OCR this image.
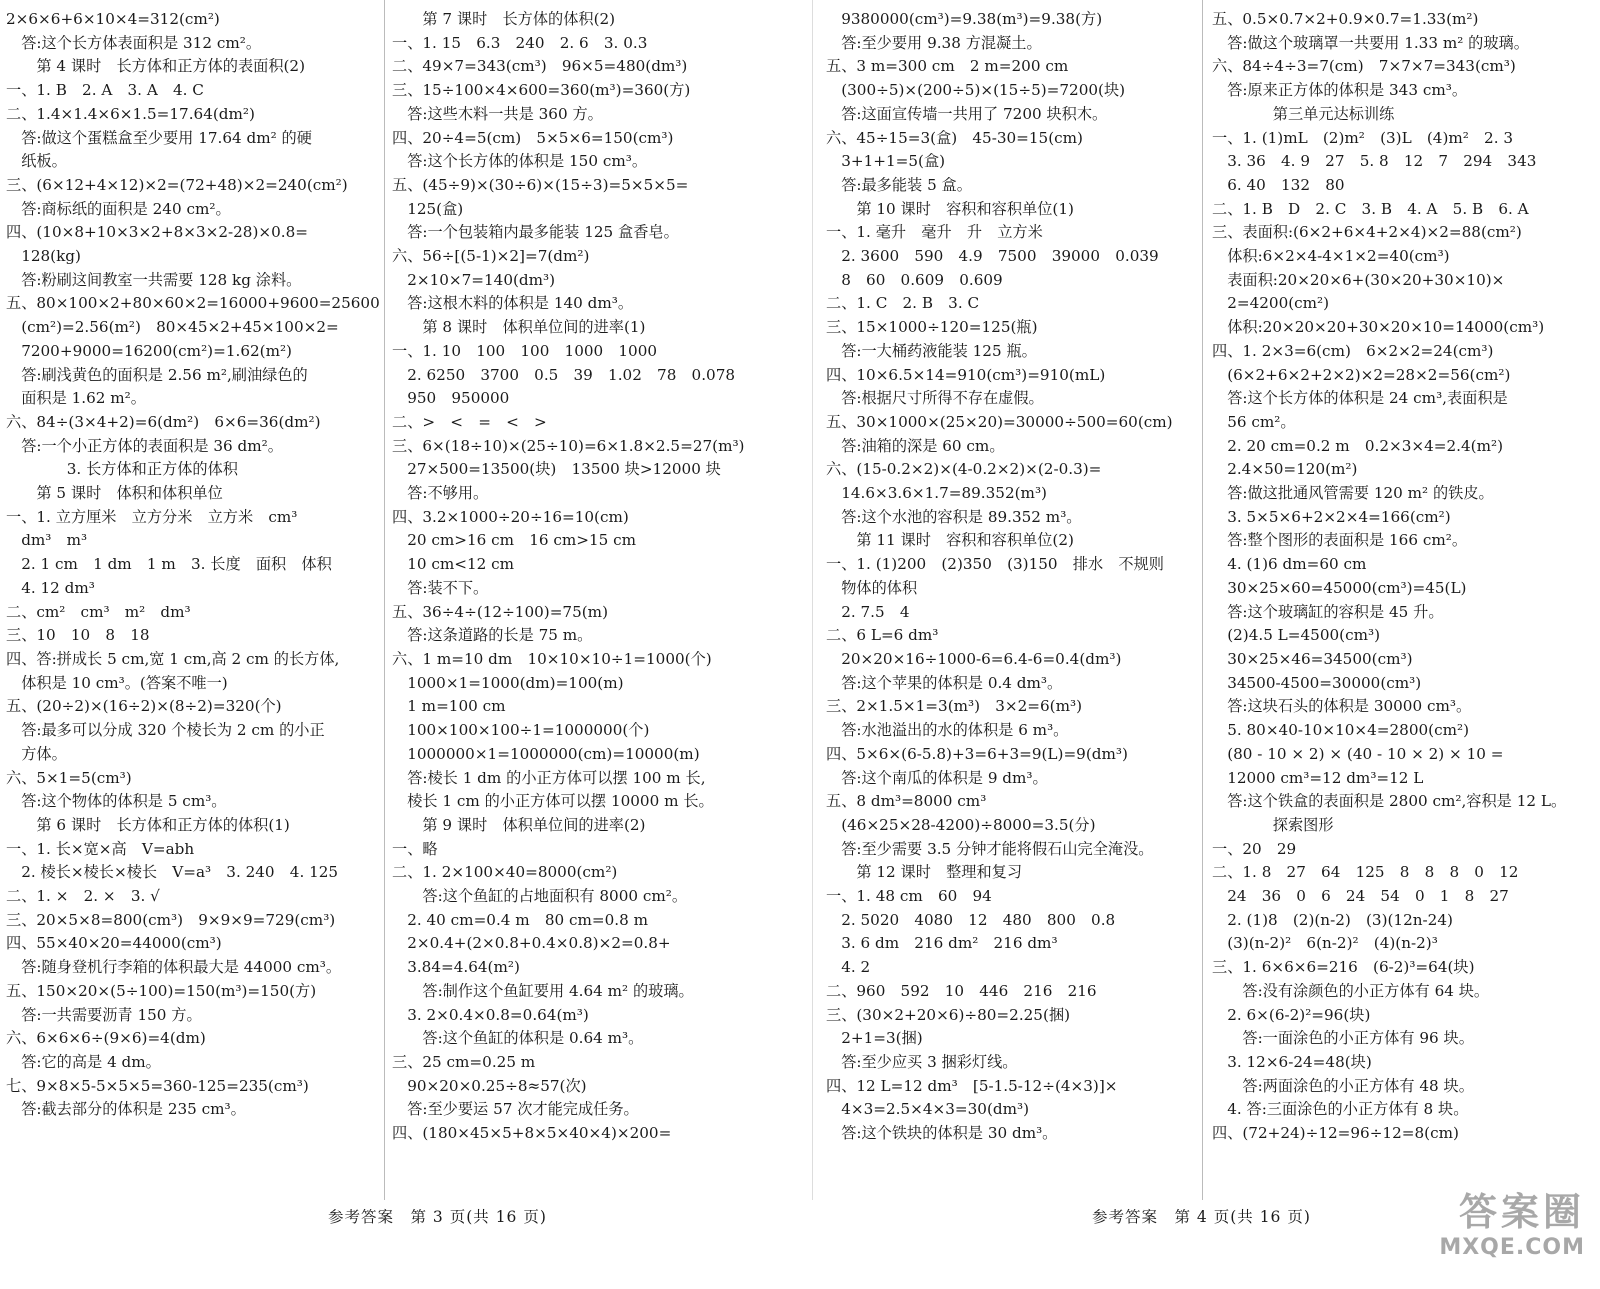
2×6×6+6×10×4=312(cm²)
　答:这个长方体表面积是 312 cm²。
　　第 4 课时　长方体和正方体的表面积(2)
一、1. B　2. A　3. A　4. C
二、1.4×1.4×6×1.5=17.64(dm²)
　答:做这个蛋糕盒至少要用 17.64 dm² 的硬
　纸板。
三、(6×12+4×12)×2=(72+48)×2=240(cm²)
　答:商标纸的面积是 240 cm²。
四、(10×8+10×3×2+8×3×2-28)×0.8=
　128(kg)
　答:粉刷这间教室一共需要 128 kg 涂料。
五、80×100×2+80×60×2=16000+9600=25600
　(cm²)=2.56(m²)　80×45×2+45×100×2=
　7200+9000=16200(cm²)=1.62(m²)
　答:刷浅黄色的面积是 2.56 m²,刷油绿色的
　面积是 1.62 m²。
六、84÷(3×4+2)=6(dm²)　6×6=36(dm²)
　答:一个小正方体的表面积是 36 dm²。
　　　　3. 长方体和正方体的体积
　　第 5 课时　体积和体积单位
一、1. 立方厘米　立方分米　立方米　cm³
　dm³　m³
　2. 1 cm　1 dm　1 m　3. 长度　面积　体积
　4. 12 dm³
二、cm²　cm³　m²　dm³
三、10　10　8　18
四、答:拼成长 5 cm,宽 1 cm,高 2 cm 的长方体,
　体积是 10 cm³。(答案不唯一)
五、(20÷2)×(16÷2)×(8÷2)=320(个)
　答:最多可以分成 320 个棱长为 2 cm 的小正
　方体。
六、5×1=5(cm³)
　答:这个物体的体积是 5 cm³。
　　第 6 课时　长方体和正方体的体积(1)
一、1. 长×宽×高　V=abh
　2. 棱长×棱长×棱长　V=a³　3. 240　4. 125
二、1. ×　2. ×　3. √
三、20×5×8=800(cm³)　9×9×9=729(cm³)
四、55×40×20=44000(cm³)
　答:随身登机行李箱的体积最大是 44000 cm³。
五、150×20×(5÷100)=150(m³)=150(方)
　答:一共需要沥青 150 方。
六、6×6×6÷(9×6)=4(dm)
　答:它的高是 4 dm。
七、9×8×5-5×5×5=360-125=235(cm³)
　答:截去部分的体积是 235 cm³。
　　第 7 课时　长方体的体积(2)
一、1. 15　6.3　240　2. 6　3. 0.3
二、49×7=343(cm³)　96×5=480(dm³)
三、15÷100×4×600=360(m³)=360(方)
　答:这些木料一共是 360 方。
四、20÷4=5(cm)　5×5×6=150(cm³)
　答:这个长方体的体积是 150 cm³。
五、(45÷9)×(30÷6)×(15÷3)=5×5×5=
　125(盒)
　答:一个包装箱内最多能装 125 盒香皂。
六、56÷[(5-1)×2]=7(dm²)
　2×10×7=140(dm³)
　答:这根木料的体积是 140 dm³。
　　第 8 课时　体积单位间的进率(1)
一、1. 10　100　100　1000　1000
　2. 6250　3700　0.5　39　1.02　78　0.078
　950　950000
二、>　<　=　<　>
三、6×(18÷10)×(25÷10)=6×1.8×2.5=27(m³)
　27×500=13500(块)　13500 块>12000 块
　答:不够用。
四、3.2×1000÷20÷16=10(cm)
　20 cm>16 cm　16 cm>15 cm
　10 cm<12 cm
　答:装不下。
五、36÷4÷(12÷100)=75(m)
　答:这条道路的长是 75 m。
六、1 m=10 dm　10×10×10÷1=1000(个)
　1000×1=1000(dm)=100(m)
　1 m=100 cm
　100×100×100÷1=1000000(个)
　1000000×1=1000000(cm)=10000(m)
　答:棱长 1 dm 的小正方体可以摆 100 m 长,
　棱长 1 cm 的小正方体可以摆 10000 m 长。
　　第 9 课时　体积单位间的进率(2)
一、略
二、1. 2×100×40=8000(cm²)
　　答:这个鱼缸的占地面积有 8000 cm²。
　2. 40 cm=0.4 m　80 cm=0.8 m
　2×0.4+(2×0.8+0.4×0.8)×2=0.8+
　3.84=4.64(m²)
　　答:制作这个鱼缸要用 4.64 m² 的玻璃。
　3. 2×0.4×0.8=0.64(m³)
　　答:这个鱼缸的体积是 0.64 m³。
三、25 cm=0.25 m
　90×20×0.25÷8≈57(次)
　答:至少要运 57 次才能完成任务。
四、(180×45×5+8×5×40×4)×200=
　9380000(cm³)=9.38(m³)=9.38(方)
　答:至少要用 9.38 方混凝土。
五、3 m=300 cm　2 m=200 cm
　(300÷5)×(200÷5)×(15÷5)=7200(块)
　答:这面宣传墙一共用了 7200 块积木。
六、45÷15=3(盒)　45-30=15(cm)
　3+1+1=5(盒)
　答:最多能装 5 盒。
　　第 10 课时　容积和容积单位(1)
一、1. 毫升　毫升　升　立方米
　2. 3600　590　4.9　7500　39000　0.039
　8　60　0.609　0.609
二、1. C　2. B　3. C
三、15×1000÷120=125(瓶)
　答:一大桶药液能装 125 瓶。
四、10×6.5×14=910(cm³)=910(mL)
　答:根据尺寸所得不存在虚假。
五、30×1000×(25×20)=30000÷500=60(cm)
　答:油箱的深是 60 cm。
六、(15-0.2×2)×(4-0.2×2)×(2-0.3)=
　14.6×3.6×1.7=89.352(m³)
　答:这个水池的容积是 89.352 m³。
　　第 11 课时　容积和容积单位(2)
一、1. (1)200　(2)350　(3)150　排水　不规则
　物体的体积
　2. 7.5　4
二、6 L=6 dm³
　20×20×16÷1000-6=6.4-6=0.4(dm³)
　答:这个苹果的体积是 0.4 dm³。
三、2×1.5×1=3(m³)　3×2=6(m³)
　答:水池溢出的水的体积是 6 m³。
四、5×6×(6-5.8)+3=6+3=9(L)=9(dm³)
　答:这个南瓜的体积是 9 dm³。
五、8 dm³=8000 cm³
　(46×25×28-4200)÷8000=3.5(分)
　答:至少需要 3.5 分钟才能将假石山完全淹没。
　　第 12 课时　整理和复习
一、1. 48 cm　60　94
　2. 5020　4080　12　480　800　0.8
　3. 6 dm　216 dm²　216 dm³
　4. 2
二、960　592　10　446　216　216
三、(30×2+20×6)÷80=2.25(捆)
　2+1=3(捆)
　答:至少应买 3 捆彩灯线。
四、12 L=12 dm³　[5-1.5-12÷(4×3)]×
　4×3=2.5×4×3=30(dm³)
　答:这个铁块的体积是 30 dm³。
五、0.5×0.7×2+0.9×0.7=1.33(m²)
　答:做这个玻璃罩一共要用 1.33 m² 的玻璃。
六、84÷4÷3=7(cm)　7×7×7=343(cm³)
　答:原来正方体的体积是 343 cm³。
　　　　第三单元达标训练
一、1. (1)mL　(2)m²　(3)L　(4)m²　2. 3
　3. 36　4. 9　27　5. 8　12　7　294　343
　6. 40　132　80
二、1. B　D　2. C　3. B　4. A　5. B　6. A
三、表面积:(6×2+6×4+2×4)×2=88(cm²)
　体积:6×2×4-4×1×2=40(cm³)
　表面积:20×20×6+(30×20+30×10)×
　2=4200(cm²)
　体积:20×20×20+30×20×10=14000(cm³)
四、1. 2×3=6(cm)　6×2×2=24(cm³)
　(6×2+6×2+2×2)×2=28×2=56(cm²)
　答:这个长方体的体积是 24 cm³,表面积是
　56 cm²。
　2. 20 cm=0.2 m　0.2×3×4=2.4(m²)
　2.4×50=120(m²)
　答:做这批通风管需要 120 m² 的铁皮。
　3. 5×5×6+2×2×4=166(cm²)
　答:整个图形的表面积是 166 cm²。
　4. (1)6 dm=60 cm
　30×25×60=45000(cm³)=45(L)
　答:这个玻璃缸的容积是 45 升。
　(2)4.5 L=4500(cm³)
　30×25×46=34500(cm³)
　34500-4500=30000(cm³)
　答:这块石头的体积是 30000 cm³。
　5. 80×40-10×10×4=2800(cm²)
　(80 - 10 × 2) × (40 - 10 × 2) × 10 =
　12000 cm³=12 dm³=12 L
　答:这个铁盒的表面积是 2800 cm²,容积是 12 L。
　　　　探索图形
一、20　29
二、1. 8　27　64　125　8　8　8　0　12
　24　36　0　6　24　54　0　1　8　27
　2. (1)8　(2)(n-2)　(3)(12n-24)
　(3)(n-2)²　6(n-2)²　(4)(n-2)³
三、1. 6×6×6=216　(6-2)³=64(块)
　　答:没有涂颜色的小正方体有 64 块。
　2. 6×(6-2)²=96(块)
　　答:一面涂色的小正方体有 96 块。
　3. 12×6-24=48(块)
　　答:两面涂色的小正方体有 48 块。
　4. 答:三面涂色的小正方体有 8 块。
四、(72+24)÷12=96÷12=8(cm)
参考答案　第 3 页(共 16 页)	参考答案　第 4 页(共 16 页)	答案圈
MXQE.COM
